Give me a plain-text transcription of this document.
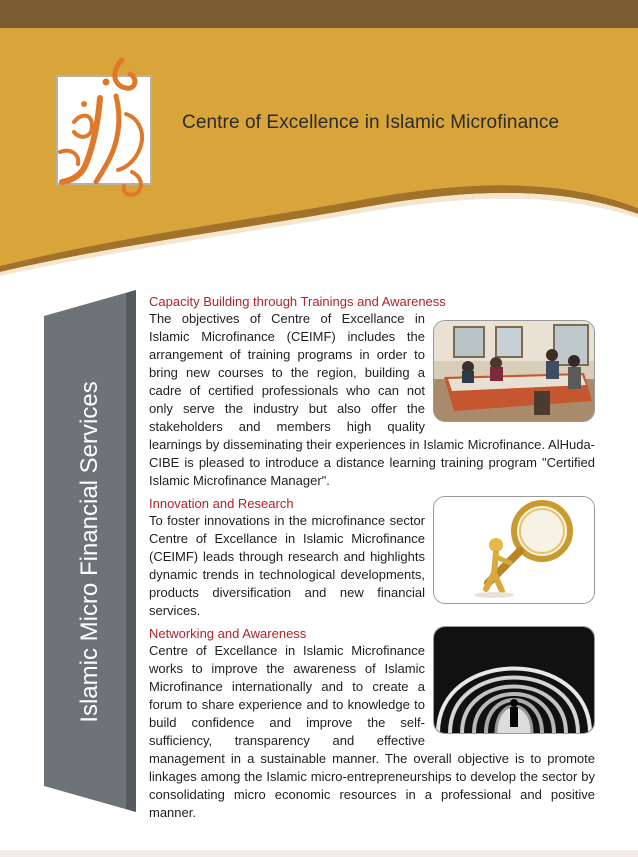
Centre of Excellence in Islamic Microfinance
Islamic Micro Financial Services
Capacity Building through Trainings and Awareness
The objectives of Centre of Excellance in Islamic Microfinance (CEIMF) includes the arrangement of training programs in order to bring new courses to the region, building a cadre of certified professionals who can not only serve the industry but also offer the stakeholders and members high quality learnings by disseminating their experiences in Islamic Microfinance. AlHuda-CIBE is pleased to introduce a distance learning training program "Certified Islamic Microfinance Manager".
Innovation and Research
To foster innovations in the microfinance sector Centre of Excellance in Islamic Microfinance (CEIMF) leads through research and highlights dynamic trends in technological developments, products diversification and new financial services.
Networking and Awareness
Centre of Excellance in Islamic Microfinance works to improve the awareness of Islamic Microfinance internationally and to create a forum to share experience and to knowledge to build confidence and improve the self-sufficiency, transparency and effective management in a sustainable manner. The overall objective is to promote linkages among the Islamic micro-entrepreneurships to develop the sector by consolidating micro economic resources in a professional and positive manner.
